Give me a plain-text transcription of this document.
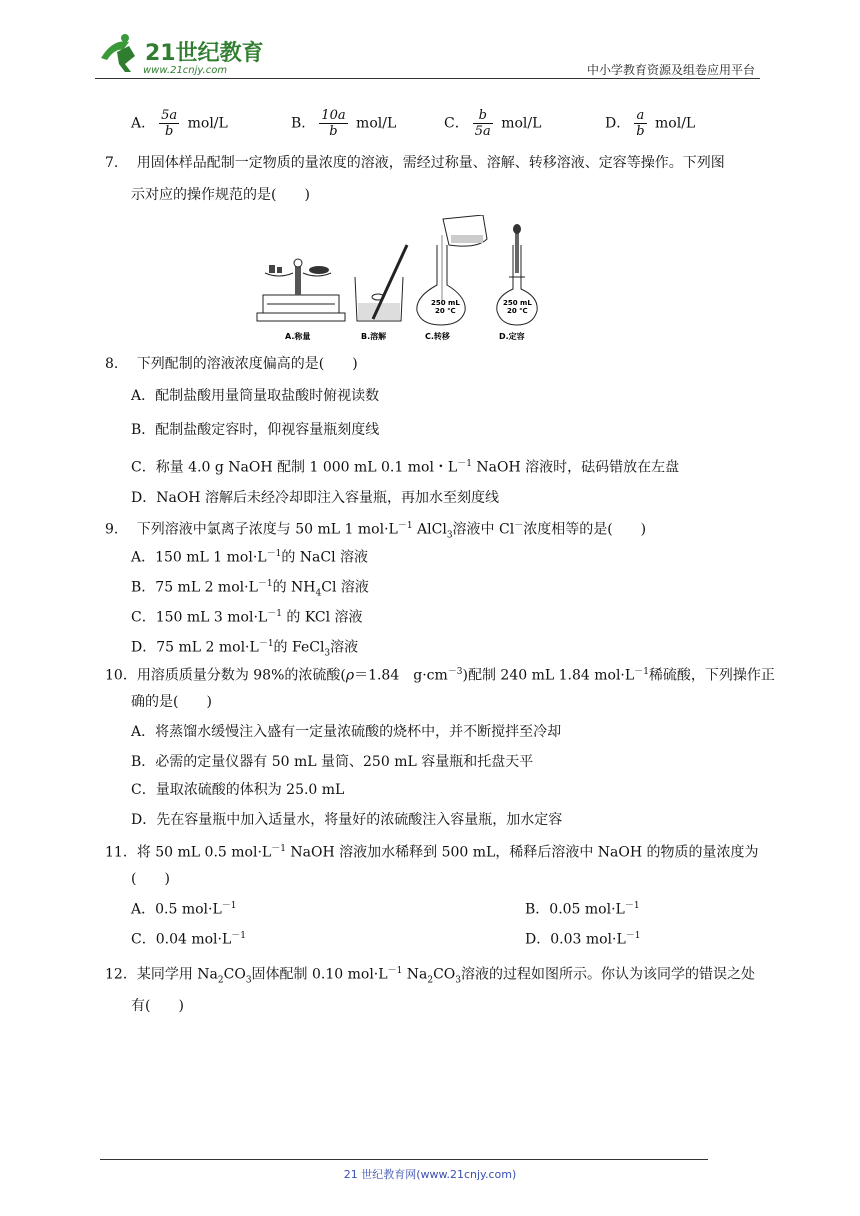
21世纪教育
www.21cnjy.com	中小学教育资源及组卷应用平台
A． $\frac{5a}{b} mol/L$	B． $\frac{10a}{b} mol/L$	C． $\frac{b}{5a} mol/L$	D． $\frac{a}{b} mol/L$
7.　 用固体样品配制一定物质的量浓度的溶液，需经过称量、溶解、转移溶液、定容等操作。下列图
示对应的操作规范的是(　　)
A.称量	B.溶解
250 mL
20 ℃
C.转移
250 mL
20 ℃
D.定容
8.　 下列配制的溶液浓度偏高的是(　　)
A．配制盐酸用量筒量取盐酸时俯视读数
B．配制盐酸定容时，仰视容量瓶刻度线
C．称量 4.0 g NaOH 配制 1 000 mL 0.1 mol・$L^{-1}$ NaOH 溶液时，砝码错放在左盘
D．NaOH 溶解后未经冷却即注入容量瓶，再加水至刻度线
9.　 下列溶液中氯离子浓度与 50 mL 1 $mol\cdot L^{-1}$ AlCl$_3$溶液中 Cl－浓度相等的是(　　)
A．150 mL 1 $mol\cdot L^{-1}$的 NaCl 溶液
B．75 mL 2 $mol\cdot L^{-1}$的 $NH_4Cl$ 溶液
C．150 mL 3 $mol\cdot L^{-1}$ 的 KCl 溶液
D．75 mL 2 $mol\cdot L^{-1}$的 FeCl$_3$溶液
10．用溶质质量分数为 98%的浓硫酸(ρ＝1.84　$g\cdot cm^{-3}$)配制 240 mL 1.84 $mol\cdot L^{-1}$稀硫酸，下列操作正
确的是(　　)
A．将蒸馏水缓慢注入盛有一定量浓硫酸的烧杯中，并不断搅拌至冷却
B．必需的定量仪器有 50 mL 量筒、250 mL 容量瓶和托盘天平
C．量取浓硫酸的体积为 25.0 mL
D．先在容量瓶中加入适量水，将量好的浓硫酸注入容量瓶，加水定容
11．将 50 mL 0.5 $mol\cdot L^{-1}$ NaOH 溶液加水稀释到 500 mL，稀释后溶液中 NaOH 的物质的量浓度为
(　　)
A．0.5 $mol\cdot L^{-1}$	B．0.05 $mol\cdot L^{-1}$
C．0.04 $mol\cdot L^{-1}$	D．0.03 $mol\cdot L^{-1}$
12．某同学用 $Na_2CO_3$固体配制 0.10 $mol\cdot L^{-1}$ $Na_2CO_3$溶液的过程如图所示。你认为该同学的错误之处
有(　　)
21 世纪教育网(www.21cnjy.com)
